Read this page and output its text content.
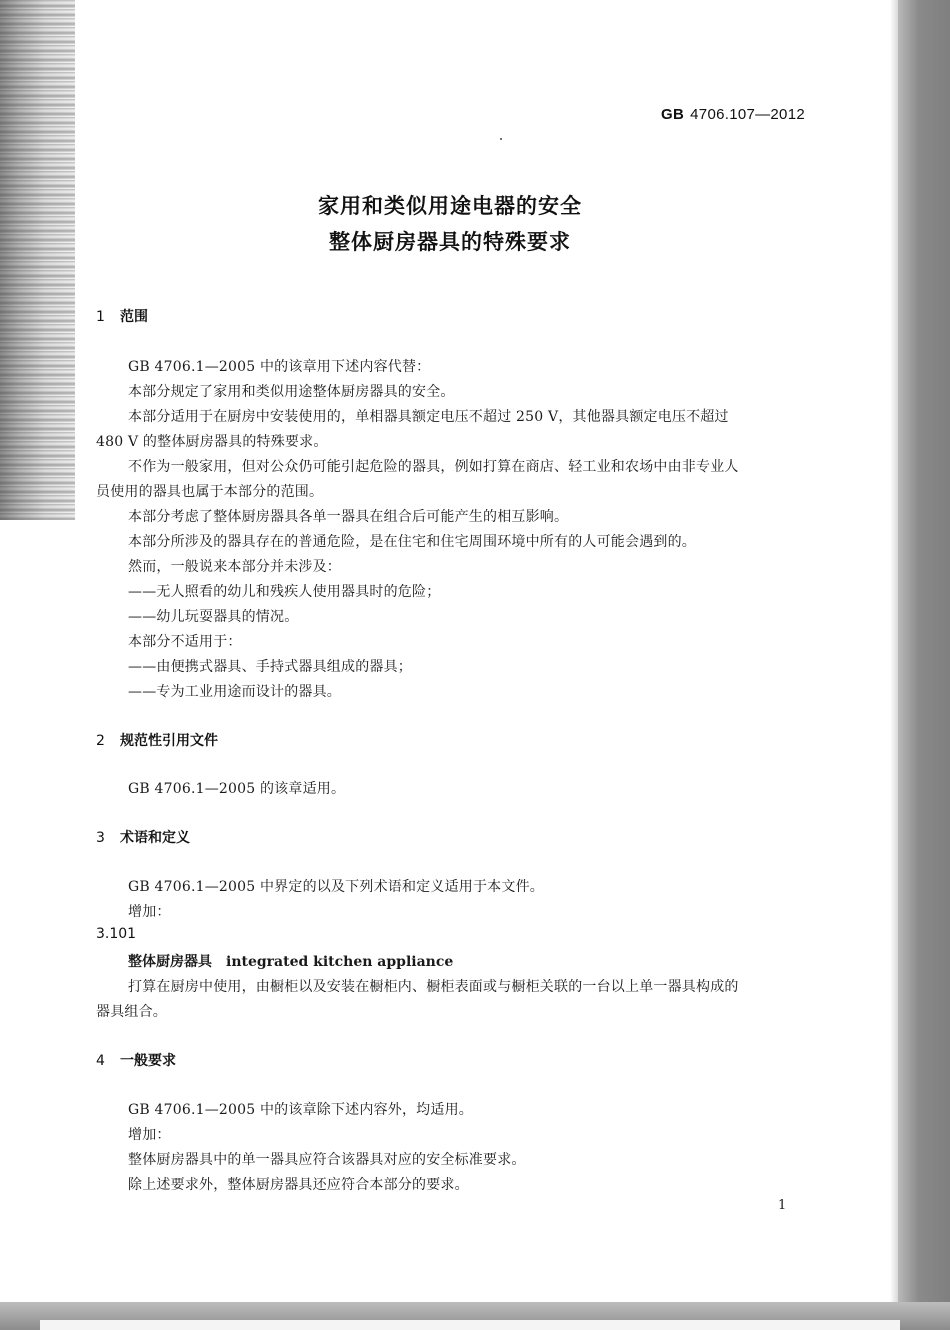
GB 4706.107—2012
家用和类似用途电器的安全
整体厨房器具的特殊要求
1 范围
GB 4706.1—2005 中的该章用下述内容代替：
本部分规定了家用和类似用途整体厨房器具的安全。
本部分适用于在厨房中安装使用的，单相器具额定电压不超过 250 V，其他器具额定电压不超过
480 V 的整体厨房器具的特殊要求。
不作为一般家用，但对公众仍可能引起危险的器具，例如打算在商店、轻工业和农场中由非专业人
员使用的器具也属于本部分的范围。
本部分考虑了整体厨房器具各单一器具在组合后可能产生的相互影响。
本部分所涉及的器具存在的普通危险，是在住宅和住宅周围环境中所有的人可能会遇到的。
然而，一般说来本部分并未涉及：
——无人照看的幼儿和残疾人使用器具时的危险；
——幼儿玩耍器具的情况。
本部分不适用于：
——由便携式器具、手持式器具组成的器具；
——专为工业用途而设计的器具。
2 规范性引用文件
GB 4706.1—2005 的该章适用。
3 术语和定义
GB 4706.1—2005 中界定的以及下列术语和定义适用于本文件。
增加：
3.101
整体厨房器具 integrated kitchen appliance
打算在厨房中使用，由橱柜以及安装在橱柜内、橱柜表面或与橱柜关联的一台以上单一器具构成的
器具组合。
4 一般要求
GB 4706.1—2005 中的该章除下述内容外，均适用。
增加：
整体厨房器具中的单一器具应符合该器具对应的安全标准要求。
除上述要求外，整体厨房器具还应符合本部分的要求。
1
